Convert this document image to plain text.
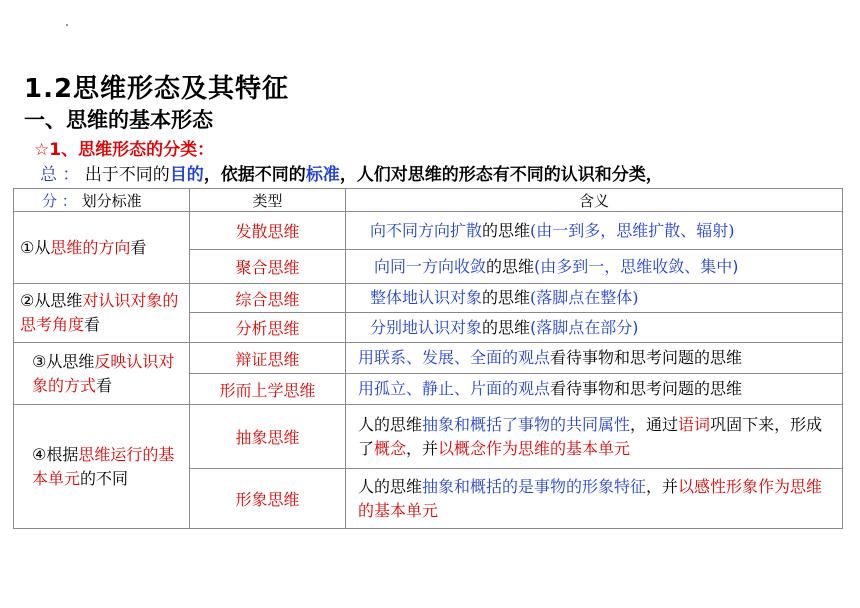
1.2思维形态及其特征
一、思维的基本形态
☆1、思维形态的分类：
总 ： 出于不同的目的，依据不同的标准，人们对思维的形态有不同的认识和分类，
分 ： 划分标准	类型	含义
①从思维的方向看	发散思维	向不同方向扩散的思维(由一到多，思维扩散、辐射)
	聚合思维	向同一方向收敛的思维(由多到一，思维收敛、集中)
②从思维对认识对象的思考角度看	综合思维	整体地认识对象的思维(落脚点在整体)
	分析思维	分别地认识对象的思维(落脚点在部分)
③从思维反映认识对象的方式看	辩证思维	用联系、发展、全面的观点看待事物和思考问题的思维
	形而上学思维	用孤立、静止、片面的观点看待事物和思考问题的思维
④根据思维运行的基本单元的不同	抽象思维	人的思维抽象和概括了事物的共同属性，通过语词巩固下来，形成了概念，并以概念作为思维的基本单元
	形象思维	人的思维抽象和概括的是事物的形象特征，并以感性形象作为思维的基本单元
